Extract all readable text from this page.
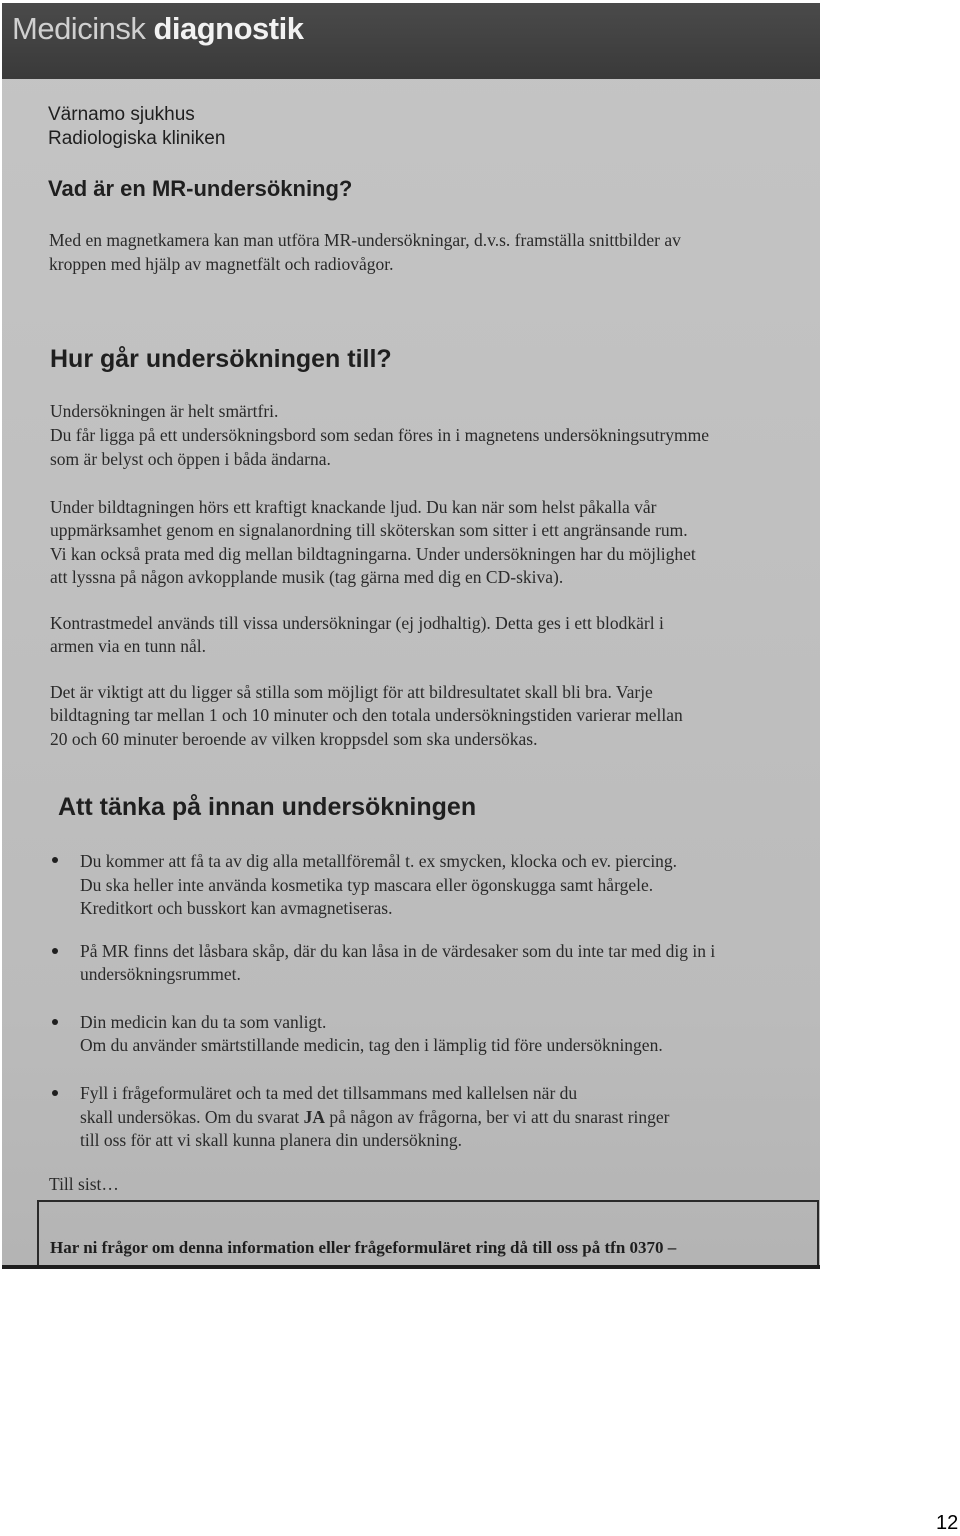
Medicinsk diagnostik
Värnamo sjukhus
Radiologiska kliniken
Vad är en MR-undersökning?
Med en magnetkamera kan man utföra MR-undersökningar, d.v.s. framställa snittbilder av
kroppen med hjälp av magnetfält och radiovågor.
Hur går undersökningen till?
Undersökningen är helt smärtfri.
Du får ligga på ett undersökningsbord som sedan föres in i magnetens undersökningsutrymme
som är belyst och öppen i båda ändarna.
Under bildtagningen hörs ett kraftigt knackande ljud. Du kan när som helst påkalla vår
uppmärksamhet genom en signalanordning till sköterskan som sitter i ett angränsande rum.
Vi kan också prata med dig mellan bildtagningarna. Under undersökningen har du möjlighet
att lyssna på någon avkopplande musik (tag gärna med dig en CD-skiva).
Kontrastmedel används till vissa undersökningar (ej jodhaltig). Detta ges i ett blodkärl i
armen via en tunn nål.
Det är viktigt att du ligger så stilla som möjligt för att bildresultatet skall bli bra. Varje
bildtagning tar mellan 1 och 10 minuter och den totala undersökningstiden varierar mellan
20 och 60 minuter beroende av vilken kroppsdel som ska undersökas.
Att tänka på innan undersökningen
Du kommer att få ta av dig alla metallföremål t. ex smycken, klocka och ev. piercing.
Du ska heller inte använda kosmetika typ mascara eller ögonskugga samt hårgele.
Kreditkort och busskort kan avmagnetiseras.
På MR finns det låsbara skåp, där du kan låsa in de värdesaker som du inte tar med dig in i
undersökningsrummet.
Din medicin kan du ta som vanligt.
Om du använder smärtstillande medicin, tag den i lämplig tid före undersökningen.
Fyll i frågeformuläret och ta med det tillsammans med kallelsen när du
skall undersökas. Om du svarat JA på någon av frågorna, ber vi att du snarast ringer
till oss för att vi skall kunna planera din undersökning.
Till sist…
Har ni frågor om denna information eller frågeformuläret ring då till oss på tfn 0370 –
12
